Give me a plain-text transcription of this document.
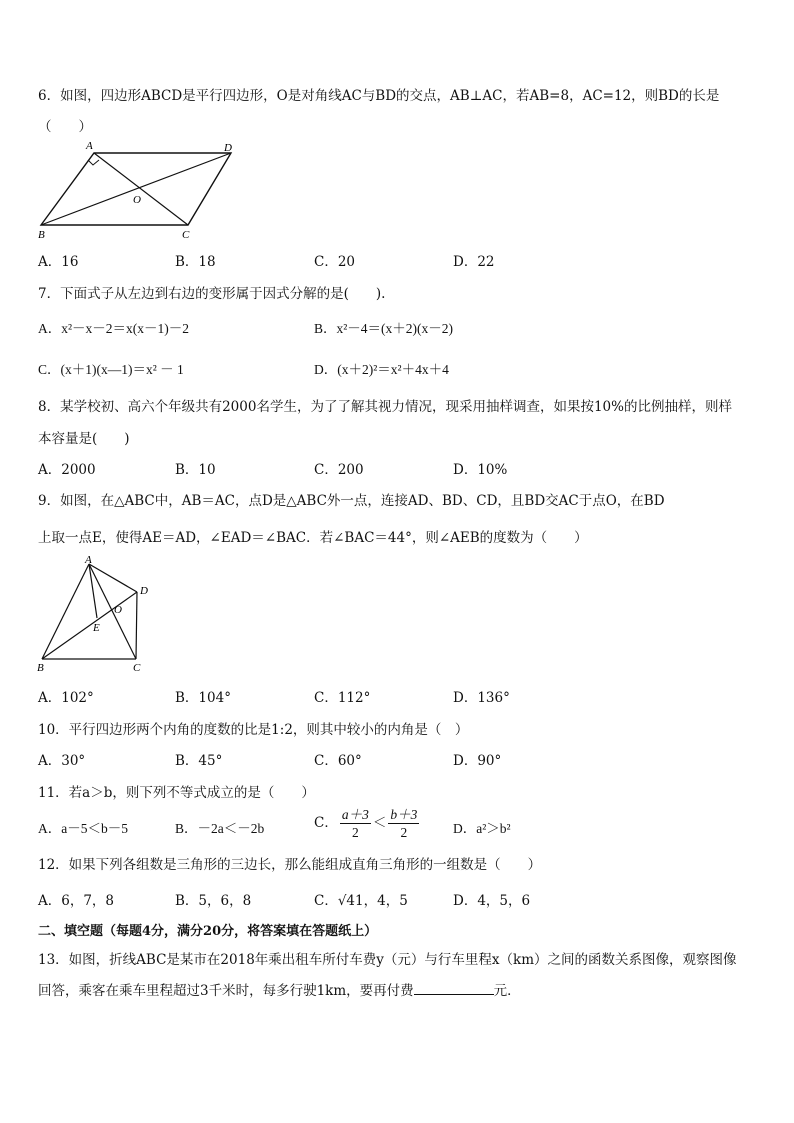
6．如图，四边形ABCD是平行四边形，O是对角线AC与BD的交点，AB⊥AC，若AB=8，AC=12，则BD的长是
（　　）
A	D
O
B	C
A．16	B．18	C．20	D．22
7．下面式子从左边到右边的变形属于因式分解的是(　　).
A．x²－x－2＝x(x－1)－2	B．x²－4＝(x＋2)(x－2)
C．(x＋1)(x—1)＝x² － 1	D．(x＋2)²＝x²＋4x＋4
8．某学校初、高六个年级共有2000名学生，为了了解其视力情况，现采用抽样调查，如果按10%的比例抽样，则样
本容量是(　　)
A．2000	B．10	C．200	D．10%
9．如图，在△ABC中，AB＝AC，点D是△ABC外一点，连接AD、BD、CD，且BD交AC于点O，在BD
上取一点E，使得AE＝AD，∠EAD＝∠BAC．若∠BAC＝44°，则∠AEB的度数为（　　）
A
D
O
E
B	C
A．102°	B．104°	C．112°	D．136°
10．平行四边形两个内角的度数的比是1:2，则其中较小的内角是（　）
A．30°	B．45°	C．60°	D．90°
11．若a＞b，则下列不等式成立的是（　　）
A．a－5＜b－5	B．－2a＜－2b	C． $\frac{a+3}{2} < \frac{b+3}{2}$ D．a²＞b²
12．如果下列各组数是三角形的三边长，那么能组成直角三角形的一组数是（　　）
A．6，7，8	B．5，6，8	C．√41，4，5	D．4，5，6
二、填空题（每题4分，满分20分，将答案填在答题纸上）
13．如图，折线ABC是某市在2018年乘出租车所付车费y（元）与行车里程x（km）之间的函数关系图像，观察图像
回答，乘客在乘车里程超过3千米时，每多行驶1km，要再付费	元．
